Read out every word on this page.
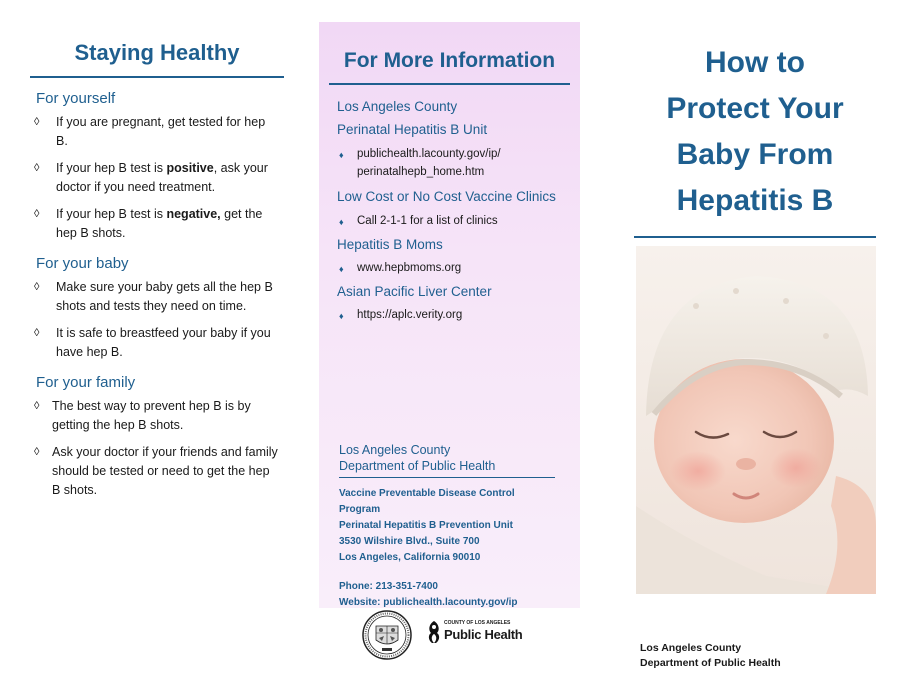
Staying Healthy
For yourself
◊ If you are pregnant, get tested for hep B.
◊ If your hep B test is positive, ask your doctor if you need treatment.
◊ If your hep B test is negative, get the hep B shots.
For your baby
◊ Make sure your baby gets all the hep B shots and tests they need on time.
◊ It is safe to breastfeed your baby if you have hep B.
For your family
◊ The best way to prevent hep B is by getting the hep B shots.
◊ Ask your doctor if your friends and family should be tested or need to get the hep B shots.
For More Information
Los Angeles County
Perinatal Hepatitis B Unit
♦ publichealth.lacounty.gov/ip/
perinatalhepb_home.htm
Low Cost or No Cost Vaccine Clinics
♦ Call 2-1-1 for a list of clinics
Hepatitis B Moms
♦ www.hepbmoms.org
Asian Pacific Liver Center
♦ https://aplc.verity.org
Los Angeles County
Department of Public Health
Vaccine Preventable Disease Control Program
Perinatal Hepatitis B Prevention Unit
3530 Wilshire Blvd., Suite 700
Los Angeles, California 90010
Phone: 213-351-7400
Website: publichealth.lacounty.gov/ip
COUNTY OF LOS ANGELES
Public Health
How to
Protect Your
Baby From
Hepatitis B
Los Angeles County
Department of Public Health
